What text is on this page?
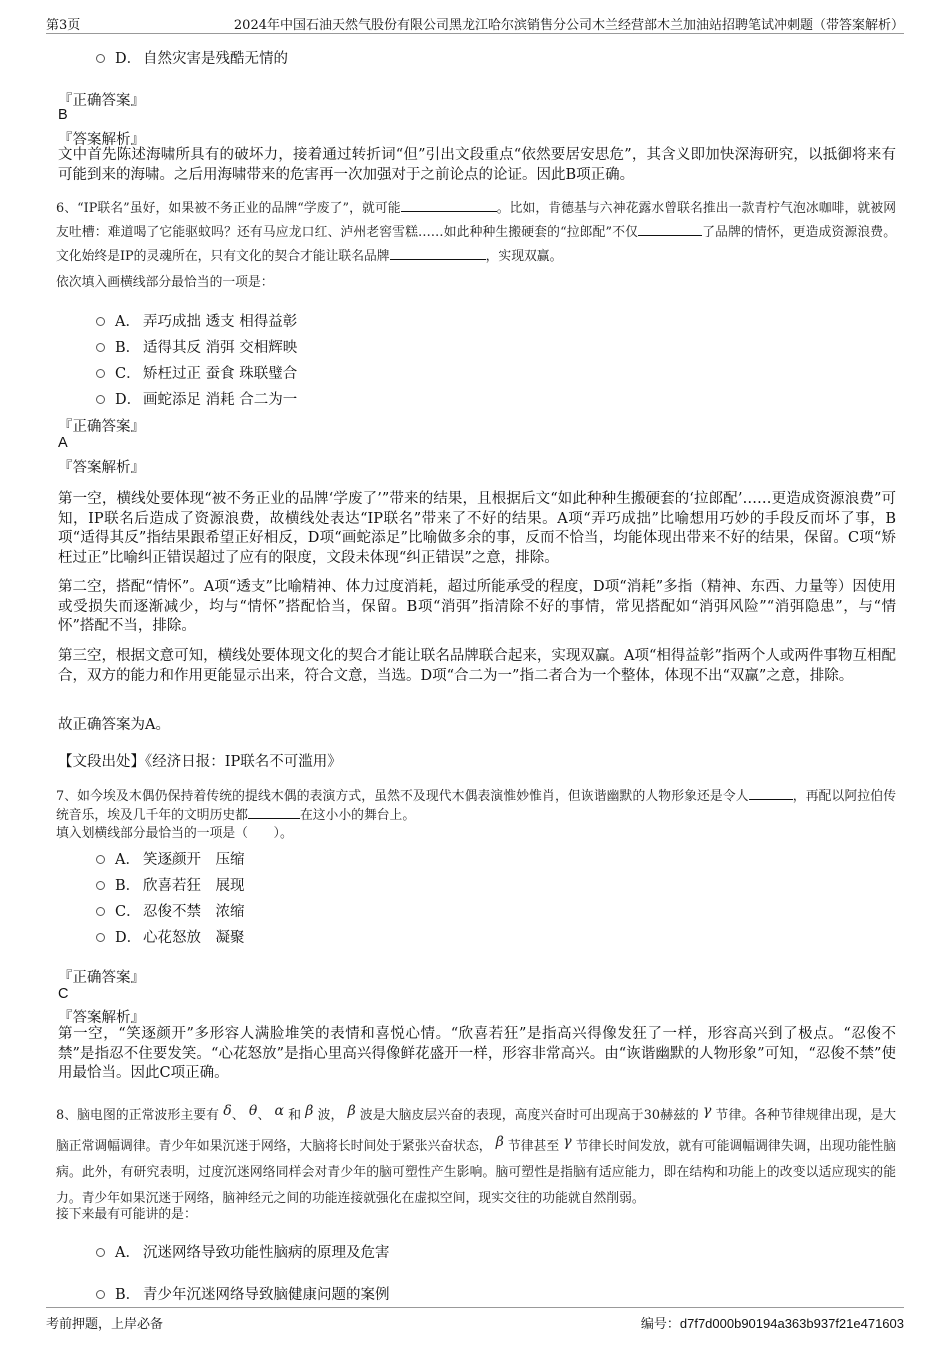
第3页	2024年中国石油天然气股份有限公司黑龙江哈尔滨销售分公司木兰经营部木兰加油站招聘笔试冲刺题（带答案解析）
D． 自然灾害是残酷无情的
『正确答案』
B
『答案解析』
文中首先陈述海啸所具有的破坏力，接着通过转折词“但”引出文段重点“依然要居安思危”，其含义即加快深海研究，以抵御将来有可能到来的海啸。之后用海啸带来的危害再一次加强对于之前论点的论证。因此B项正确。
6、“IP联名”虽好，如果被不务正业的品牌“学废了”，就可能	。比如，肯德基与六神花露水曾联名推出一款青柠气泡冰咖啡，就被网友吐槽：难道喝了它能驱蚊吗？还有马应龙口红、泸州老窖雪糕……如此种种生搬硬套的“拉郎配”不仅	了品牌的情怀，更造成资源浪费。文化始终是IP的灵魂所在，只有文化的契合才能让联名品牌	，实现双赢。
依次填入画横线部分最恰当的一项是：
A． 弄巧成拙 透支 相得益彰
B． 适得其反 消弭 交相辉映
C． 矫枉过正 蚕食 珠联璧合
D． 画蛇添足 消耗 合二为一
『正确答案』
A
『答案解析』
第一空，横线处要体现“被不务正业的品牌‘学废了’”带来的结果，且根据后文“如此种种生搬硬套的‘拉郎配’……更造成资源浪费”可知，IP联名后造成了资源浪费，故横线处表达“IP联名”带来了不好的结果。A项“弄巧成拙”比喻想用巧妙的手段反而坏了事，B项“适得其反”指结果跟希望正好相反，D项“画蛇添足”比喻做多余的事，反而不恰当，均能体现出带来不好的结果，保留。C项“矫枉过正”比喻纠正错误超过了应有的限度，文段未体现“纠正错误”之意，排除。
第二空，搭配“情怀”。A项“透支”比喻精神、体力过度消耗，超过所能承受的程度，D项“消耗”多指（精神、东西、力量等）因使用或受损失而逐渐减少，均与“情怀”搭配恰当，保留。B项“消弭”指清除不好的事情，常见搭配如“消弭风险”“消弭隐患”，与“情怀”搭配不当，排除。
第三空，根据文意可知，横线处要体现文化的契合才能让联名品牌联合起来，实现双赢。A项“相得益彰”指两个人或两件事物互相配合，双方的能力和作用更能显示出来，符合文意，当选。D项“合二为一”指二者合为一个整体，体现不出“双赢”之意，排除。
故正确答案为A。
【文段出处】《经济日报：IP联名不可滥用》
7、如今埃及木偶仍保持着传统的提线木偶的表演方式，虽然不及现代木偶表演惟妙惟肖，但诙谐幽默的人物形象还是令人	，再配以阿拉伯传统音乐，埃及几千年的文明历史都	在这小小的舞台上。
填入划横线部分最恰当的一项是（　　）。
A． 笑逐颜开　压缩
B． 欣喜若狂　展现
C． 忍俊不禁　浓缩
D． 心花怒放　凝聚
『正确答案』
C
『答案解析』
第一空，“笑逐颜开”多形容人满脸堆笑的表情和喜悦心情。“欣喜若狂”是指高兴得像发狂了一样，形容高兴到了极点。“忍俊不禁”是指忍不住要发笑。“心花怒放”是指心里高兴得像鲜花盛开一样，形容非常高兴。由“诙谐幽默的人物形象”可知，“忍俊不禁”使用最恰当。因此C项正确。
8、脑电图的正常波形主要有 δ、 θ、 α 和 β 波， β 波是大脑皮层兴奋的表现，高度兴奋时可出现高于30赫兹的 γ 节律。各种节律规律出现，是大脑正常调幅调律。青少年如果沉迷于网络，大脑将长时间处于紧张兴奋状态， β 节律甚至 γ 节律长时间发放，就有可能调幅调律失调，出现功能性脑病。此外，有研究表明，过度沉迷网络同样会对青少年的脑可塑性产生影响。脑可塑性是指脑有适应能力，即在结构和功能上的改变以适应现实的能力。青少年如果沉迷于网络，脑神经元之间的功能连接就强化在虚拟空间，现实交往的功能就自然削弱。
接下来最有可能讲的是：
A． 沉迷网络导致功能性脑病的原理及危害
B． 青少年沉迷网络导致脑健康问题的案例
考前押题，上岸必备	编号：d7f7d000b90194a363b937f21e471603
